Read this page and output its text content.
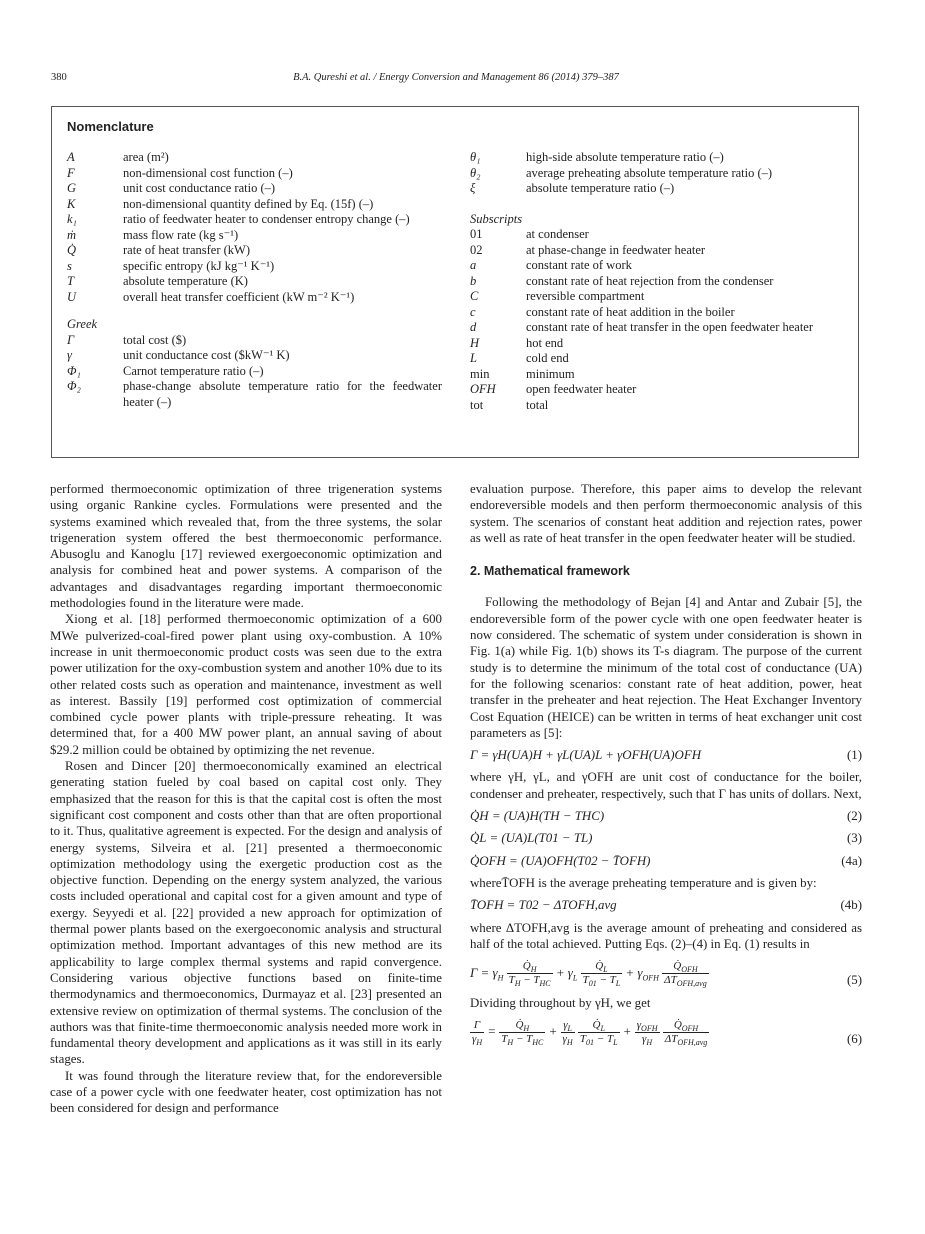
380	B.A. Qureshi et al. / Energy Conversion and Management 86 (2014) 379–387
Nomenclature
A	area (m²)
F	non-dimensional cost function (–)
G	unit cost conductance ratio (–)
K	non-dimensional quantity defined by Eq. (15f) (–)
k₁	ratio of feedwater heater to condenser entropy change (–)
ṁ	mass flow rate (kg s⁻¹)
Q̇	rate of heat transfer (kW)
s	specific entropy (kJ kg⁻¹ K⁻¹)
T	absolute temperature (K)
U	overall heat transfer coefficient (kW m⁻² K⁻¹)
Greek
Γ	total cost ($)
γ	unit conductance cost ($kW⁻¹ K)
Φ₁	Carnot temperature ratio (–)
Φ₂	phase-change absolute temperature ratio for the feedwater heater (–)
θ₁	high-side absolute temperature ratio (–)
θ₂	average preheating absolute temperature ratio (–)
ξ	absolute temperature ratio (–)
Subscripts
01	at condenser
02	at phase-change in feedwater heater
a	constant rate of work
b	constant rate of heat rejection from the condenser
C	reversible compartment
c	constant rate of heat addition in the boiler
d	constant rate of heat transfer in the open feedwater heater
H	hot end
L	cold end
min	minimum
OFH	open feedwater heater
tot	total

performed thermoeconomic optimization of three trigeneration systems using organic Rankine cycles. Formulations were presented and the systems examined which revealed that, from the three systems, the solar trigeneration system offered the best thermoeconomic performance. Abusoglu and Kanoglu [17] reviewed exergoeconomic optimization and analysis for combined heat and power systems. A comparison of the advantages and disadvantages regarding important thermoeconomic methodologies found in the literature were made.

Xiong et al. [18] performed thermoeconomic optimization of a 600 MWe pulverized-coal-fired power plant using oxy-combustion. A 10% increase in unit thermoeconomic product costs was seen due to the extra power utilization for the oxy-combustion system and another 10% due to its other related costs such as operation and maintenance, investment as well as interest. Bassily [19] performed cost optimization of commercial combined cycle power plants with triple-pressure reheating. It was determined that, for a 400 MW power plant, an annual saving of about $29.2 million could be obtained by optimizing the net revenue.

Rosen and Dincer [20] thermoeconomically examined an electrical generating station fueled by coal based on capital cost only. They emphasized that the reason for this is that the capital cost is often the most significant cost component and costs other than that are often proportional to it. Thus, qualitative agreement is expected. For the design and analysis of energy systems, Silveira et al. [21] presented a thermoeconomic optimization methodology using the exergetic production cost as the objective function. Depending on the energy system analyzed, the various costs included operational and capital cost for a given amount and type of exergy. Seyyedi et al. [22] provided a new approach for optimization of thermal power plants based on the exergoeconomic analysis and structural optimization method. Important advantages of this new method are its applicability to large complex thermal systems and rapid convergence. Considering various objective functions based on finite-time thermodynamics and thermoeconomics, Durmayaz et al. [23] presented an extensive review on optimization of thermal systems. The conclusion of the authors was that finite-time thermoeconomic analysis needed more work in fundamental theory development and applications as it was still in its early stages.

It was found through the literature review that, for the endoreversible case of a power cycle with one feedwater heater, cost optimization has not been considered for design and performance

evaluation purpose. Therefore, this paper aims to develop the relevant endoreversible models and then perform thermoeconomic analysis of this system. The scenarios of constant heat addition and rejection rates, power as well as rate of heat transfer in the open feedwater heater will be studied.

2. Mathematical framework

Following the methodology of Bejan [4] and Antar and Zubair [5], the endoreversible form of the power cycle with one open feedwater heater is now considered. The schematic of system under consideration is shown in Fig. 1(a) while Fig. 1(b) shows its T-s diagram. The purpose of the current study is to determine the minimum of the total cost of conductance (UA) for the following scenarios: constant rate of heat addition, power, heat transfer in the preheater and heat rejection. The Heat Exchanger Inventory Cost Equation (HEICE) can be written in terms of heat exchanger unit cost parameters as [5]:

Γ = γH(UA)H + γL(UA)L + γOFH(UA)OFH	(1)

where γH, γL, and γOFH are unit cost of conductance for the boiler, condenser and preheater, respectively, such that Γ has units of dollars. Next,

Q̇H = (UA)H(TH − THC)	(2)
Q̇L = (UA)L(T01 − TL)	(3)
Q̇OFH = (UA)OFH(T02 − T̄OFH)	(4a)

whereT̄OFH is the average preheating temperature and is given by:

T̄OFH = T02 − ΔTOFH,avg	(4b)

where ΔTOFH,avg is the average amount of preheating and considered as half of the total achieved. Putting Eqs. (2)–(4) in Eq. (1) results in

$\Gamma = \gamma_H \frac{Q̇_H}{T_H - T_{HC}} + \gamma_L \frac{Q̇_L}{T_{01} - T_L} + \gamma_{OFH} \frac{Q̇_{OFH}}{\Delta T_{OFH,avg}}$	(5)

Dividing throughout by γH, we get

$\frac{\Gamma}{\gamma_H} = \frac{Q̇_H}{T_H - T_{HC}} + \frac{\gamma_L}{\gamma_H}$
$\frac{Q̇_L}{T_{01} - T_L} + \frac{\gamma_{OFH}}{\gamma_H}$
$\frac{Q̇_{OFH}}{\Delta T_{OFH,avg}}$	(6)
